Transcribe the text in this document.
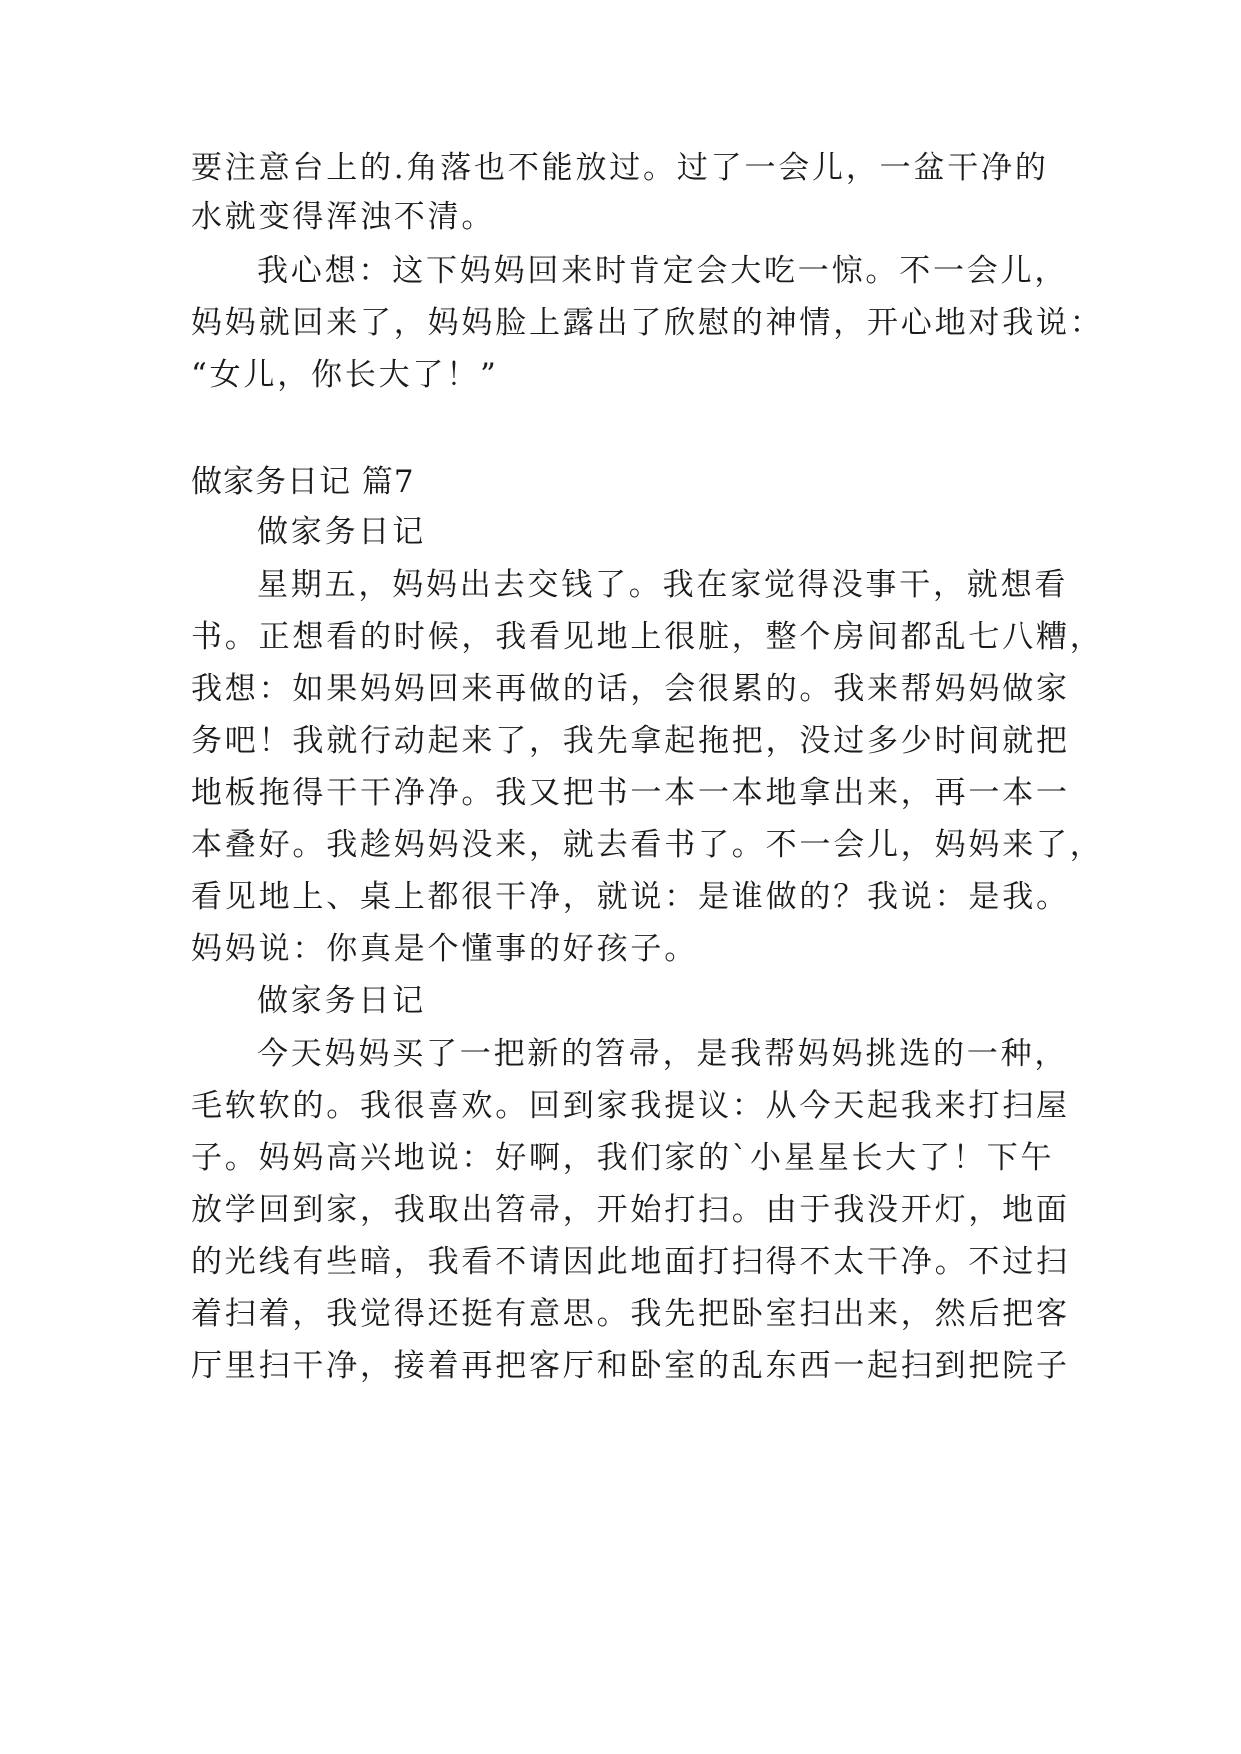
要注意台上的.角落也不能放过。过了一会儿，一盆干净的
水就变得浑浊不清。
我心想：这下妈妈回来时肯定会大吃一惊。不一会儿，
妈妈就回来了，妈妈脸上露出了欣慰的神情，开心地对我说：
“女儿，你长大了！”
做家务日记 篇7
做家务日记
星期五，妈妈出去交钱了。我在家觉得没事干，就想看
书。正想看的时候，我看见地上很脏，整个房间都乱七八糟，
我想：如果妈妈回来再做的话，会很累的。我来帮妈妈做家
务吧！我就行动起来了，我先拿起拖把，没过多少时间就把
地板拖得干干净净。我又把书一本一本地拿出来，再一本一
本叠好。我趁妈妈没来，就去看书了。不一会儿，妈妈来了，
看见地上、桌上都很干净，就说：是谁做的？我说：是我。
妈妈说：你真是个懂事的好孩子。
做家务日记
今天妈妈买了一把新的笤帚，是我帮妈妈挑选的一种，
毛软软的。我很喜欢。回到家我提议：从今天起我来打扫屋
子。妈妈高兴地说：好啊，我们家的`小星星长大了！下午
放学回到家，我取出笤帚，开始打扫。由于我没开灯，地面
的光线有些暗，我看不请因此地面打扫得不太干净。不过扫
着扫着，我觉得还挺有意思。我先把卧室扫出来，然后把客
厅里扫干净，接着再把客厅和卧室的乱东西一起扫到把院子
